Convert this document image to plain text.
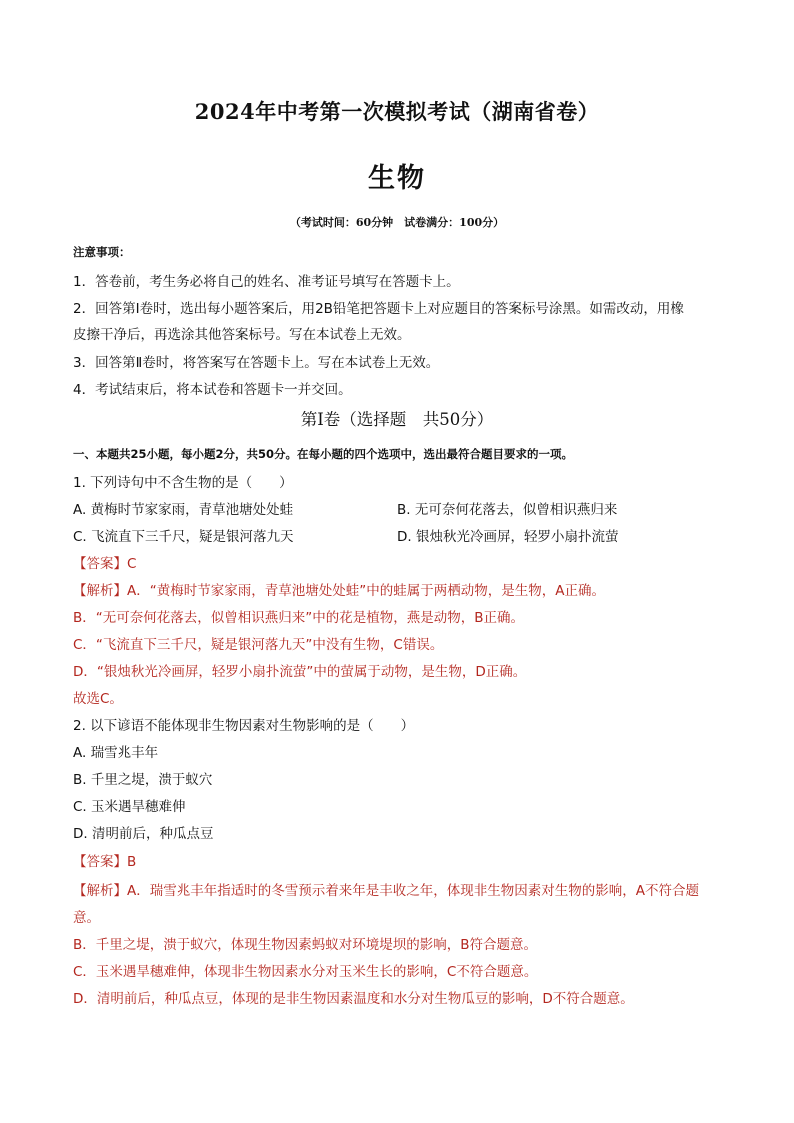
2024年中考第一次模拟考试（湖南省卷）
生物
（考试时间：60分钟　试卷满分：100分）
注意事项：
1．答卷前，考生务必将自己的姓名、准考证号填写在答题卡上。
2．回答第Ⅰ卷时，选出每小题答案后，用2B铅笔把答题卡上对应题目的答案标号涂黑。如需改动，用橡
皮擦干净后，再选涂其他答案标号。写在本试卷上无效。
3．回答第Ⅱ卷时，将答案写在答题卡上。写在本试卷上无效。
4．考试结束后，将本试卷和答题卡一并交回。
第Ⅰ卷（选择题　共50分）
一、本题共25小题，每小题2分，共50分。在每小题的四个选项中，选出最符合题目要求的一项。
1. 下列诗句中不含生物的是（　　）
A. 黄梅时节家家雨，青草池塘处处蛙	B. 无可奈何花落去，似曾相识燕归来
C. 飞流直下三千尺，疑是银河落九天	D. 银烛秋光冷画屏，轻罗小扇扑流萤
【答案】C
【解析】A．“黄梅时节家家雨，青草池塘处处蛙”中的蛙属于两栖动物，是生物，A正确。
B．“无可奈何花落去，似曾相识燕归来”中的花是植物，燕是动物，B正确。
C．“飞流直下三千尺，疑是银河落九天”中没有生物，C错误。
D．“银烛秋光冷画屏，轻罗小扇扑流萤”中的萤属于动物，是生物，D正确。
故选C。
2. 以下谚语不能体现非生物因素对生物影响的是（　　）
A. 瑞雪兆丰年
B. 千里之堤，溃于蚁穴
C. 玉米遇旱穗难伸
D. 清明前后，种瓜点豆
【答案】B
【解析】A．瑞雪兆丰年指适时的冬雪预示着来年是丰收之年，体现非生物因素对生物的影响，A不符合题
意。
B．千里之堤，溃于蚁穴，体现生物因素蚂蚁对环境堤坝的影响，B符合题意。
C．玉米遇旱穗难伸，体现非生物因素水分对玉米生长的影响，C不符合题意。
D．清明前后，种瓜点豆，体现的是非生物因素温度和水分对生物瓜豆的影响，D不符合题意。
